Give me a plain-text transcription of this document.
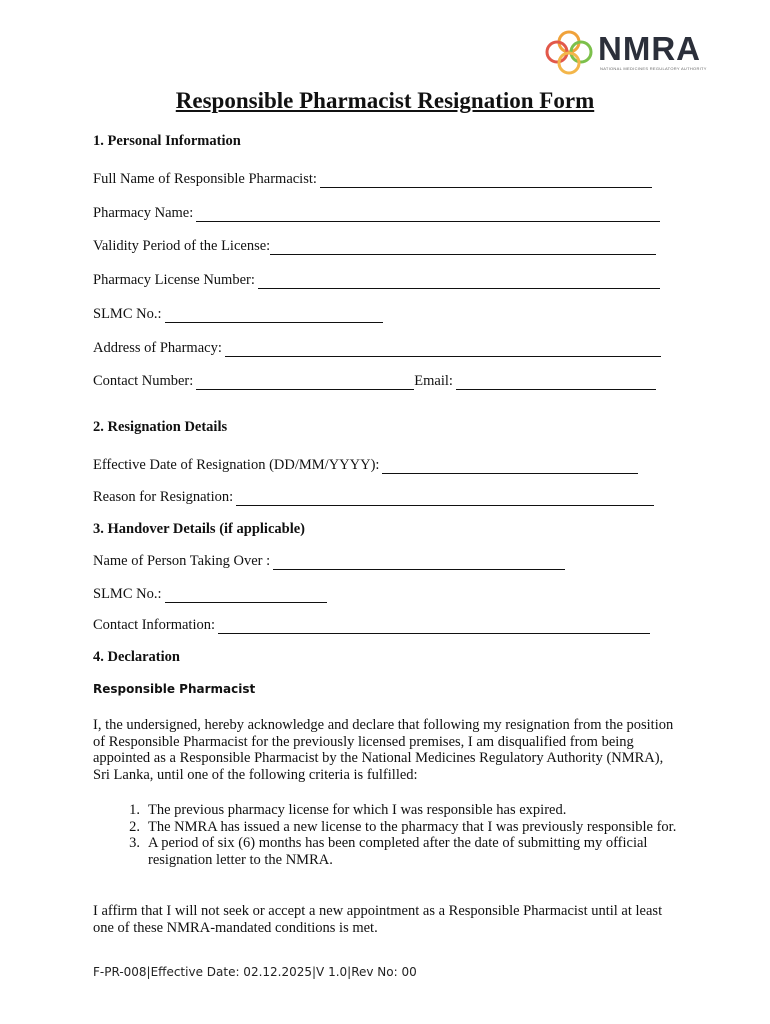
NMRA
NATIONAL MEDICINES REGULATORY AUTHORITY
Responsible Pharmacist Resignation Form
1. Personal Information
Full Name of Responsible Pharmacist:
Pharmacy Name:
Validity Period of the License:
Pharmacy License Number:
SLMC No.:
Address of Pharmacy:
Contact Number:	Email:
2. Resignation Details
Effective Date of Resignation (DD/MM/YYYY):
Reason for Resignation:
3. Handover Details (if applicable)
Name of Person Taking Over :
SLMC No.:
Contact Information:
4. Declaration
Responsible Pharmacist
I, the undersigned, hereby acknowledge and declare that following my resignation from the position of Responsible Pharmacist for the previously licensed premises, I am disqualified from being appointed as a Responsible Pharmacist by the National Medicines Regulatory Authority (NMRA), Sri Lanka, until one of the following criteria is fulfilled:
1. The previous pharmacy license for which I was responsible has expired.
2. The NMRA has issued a new license to the pharmacy that I was previously responsible for.
3. A period of six (6) months has been completed after the date of submitting my official resignation letter to the NMRA.
I affirm that I will not seek or accept a new appointment as a Responsible Pharmacist until at least one of these NMRA-mandated conditions is met.
F-PR-008|Effective Date: 02.12.2025|V 1.0|Rev No: 00
